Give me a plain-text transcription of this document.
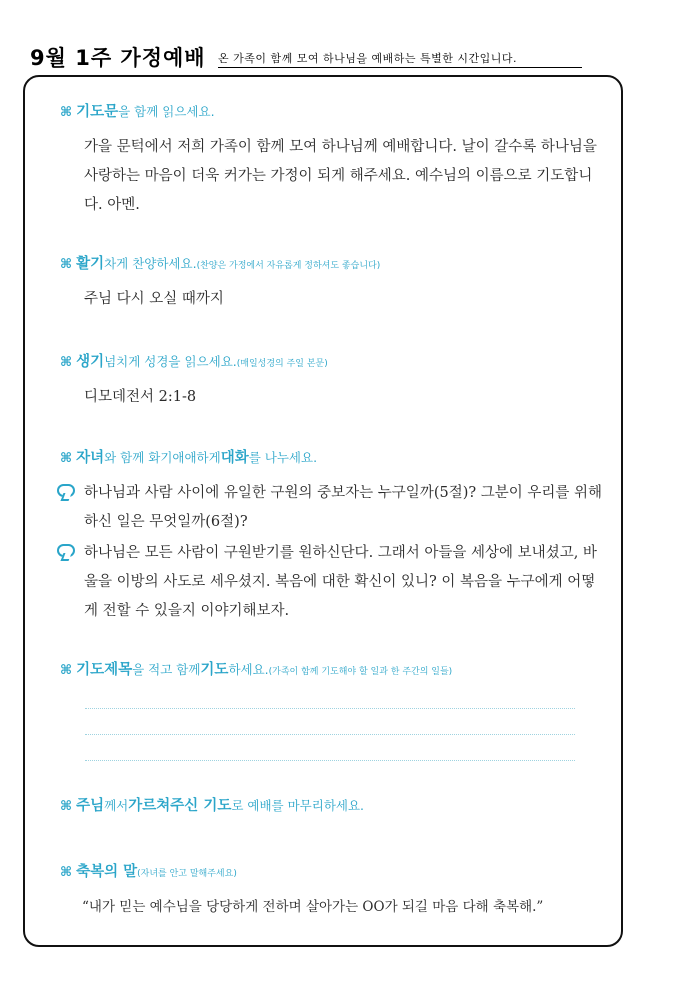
9월 1주 가정예배 온 가족이 함께 모여 하나님을 예배하는 특별한 시간입니다.
⌘ 기도문 을 함께 읽으세요.
가을 문턱에서 저희 가족이 함께 모여 하나님께 예배합니다. 날이 갈수록 하나님을 사랑하는 마음이 더욱 커가는 가정이 되게 해주세요. 예수님의 이름으로 기도합니다. 아멘.
⌘ 활기 차게 찬양하세요. (찬양은 가정에서 자유롭게 정하셔도 좋습니다)
주님 다시 오실 때까지
⌘ 생기 넘치게 성경을 읽으세요. (매일성경의 주일 본문)
디모데전서 2:1-8
⌘ 자녀 와 함께 화기애애하게 대화 를 나누세요.
하나님과 사람 사이에 유일한 구원의 중보자는 누구일까(5절)? 그분이 우리를 위해 하신 일은 무엇일까(6절)?
하나님은 모든 사람이 구원받기를 원하신단다. 그래서 아들을 세상에 보내셨고, 바울을 이방의 사도로 세우셨지. 복음에 대한 확신이 있니? 이 복음을 누구에게 어떻게 전할 수 있을지 이야기해보자.
⌘ 기도제목 을 적고 함께 기도 하세요. (가족이 함께 기도해야 할 일과 한 주간의 일들)
⌘ 주님 께서 가르쳐주신 기도 로 예배를 마무리하세요.
⌘ 축복의 말 (자녀를 안고 말해주세요)
“내가 믿는 예수님을 당당하게 전하며 살아가는 OO가 되길 마음 다해 축복해.”
